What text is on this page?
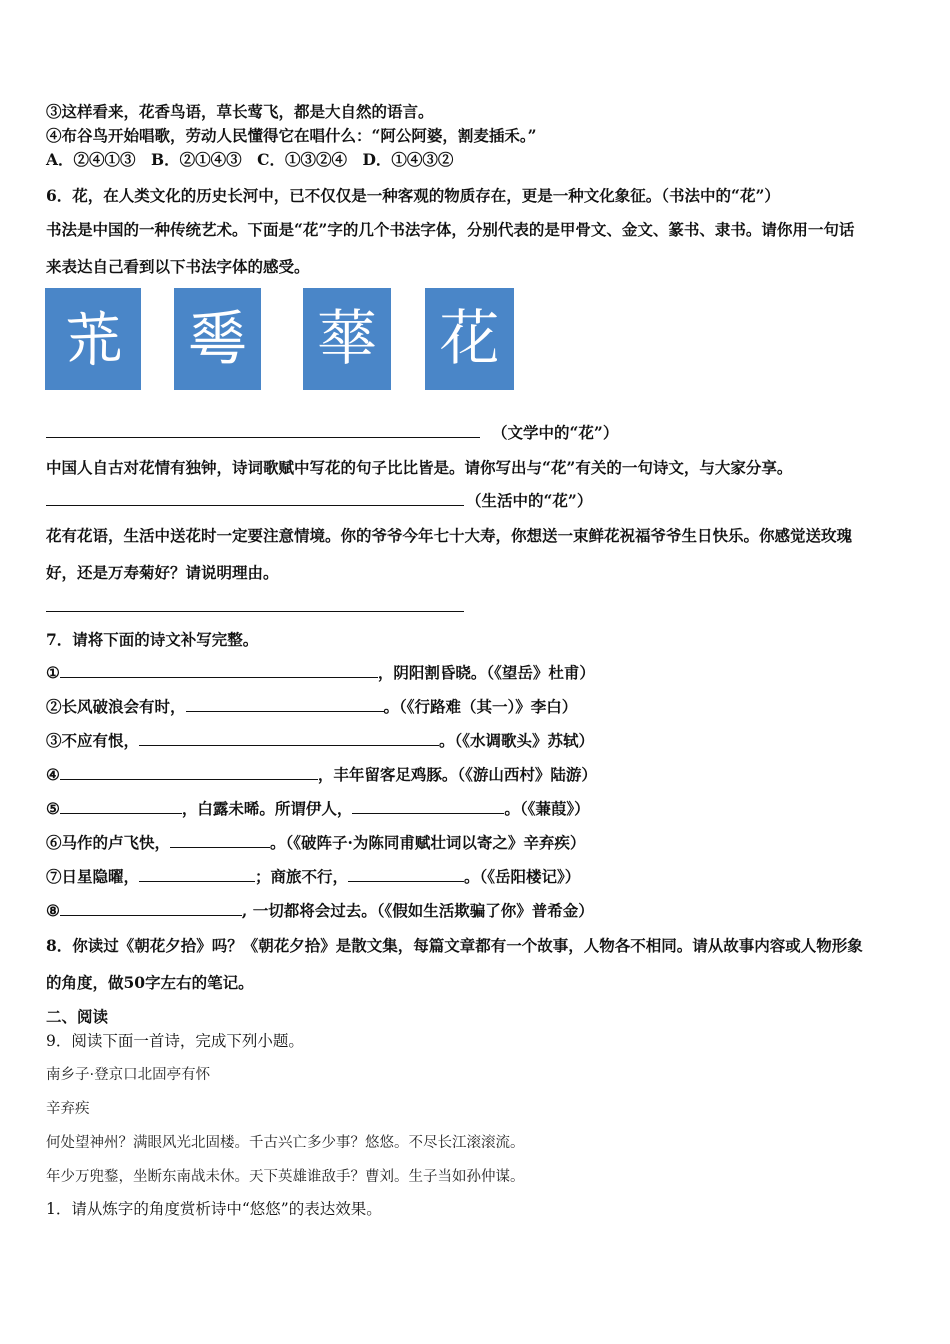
③这样看来，花香鸟语，草长莺飞，都是大自然的语言。
④布谷鸟开始唱歌，劳动人民懂得它在唱什么：“阿公阿婆，割麦插禾。”
A．②④①③　B．②①④③　C．①③②④　D．①④③②
6．花，在人类文化的历史长河中，已不仅仅是一种客观的物质存在，更是一种文化象征。（书法中的“花”）
书法是中国的一种传统艺术。下面是“花”字的几个书法字体，分别代表的是甲骨文、金文、篆书、隶书。请你用一句话
来表达自己看到以下书法字体的感受。
𦬸 𠌶 蕐 花
（文学中的“花”）
中国人自古对花情有独钟，诗词歌赋中写花的句子比比皆是。请你写出与“花”有关的一句诗文，与大家分享。
（生活中的“花”）
花有花语，生活中送花时一定要注意情境。你的爷爷今年七十大寿，你想送一束鲜花祝福爷爷生日快乐。你感觉送玫瑰
好，还是万寿菊好？请说明理由。
7．请将下面的诗文补写完整。
①	，阴阳割昏晓。（《望岳》杜甫）
②长风破浪会有时，	。（《行路难（其一）》李白）
③不应有恨，	。（《水调歌头》苏轼）
④	，丰年留客足鸡豚。（《游山西村》陆游）
⑤	，白露未晞。所谓伊人，	。（《蒹葭》）
⑥马作的卢飞快，	。（《破阵子·为陈同甫赋壮词以寄之》辛弃疾）
⑦日星隐曜，	；商旅不行，	。（《岳阳楼记》）
⑧	, 一切都将会过去。（《假如生活欺骗了你》普希金）
8．你读过《朝花夕拾》吗？《朝花夕拾》是散文集，每篇文章都有一个故事，人物各不相同。请从故事内容或人物形象
的角度，做50字左右的笔记。
二、阅读
9．阅读下面一首诗，完成下列小题。
南乡子·登京口北固亭有怀
辛弃疾
何处望神州？满眼风光北固楼。千古兴亡多少事？悠悠。不尽长江滚滚流。
年少万兜鍪，坐断东南战未休。天下英雄谁敌手？曹刘。生子当如孙仲谋。
1．请从炼字的角度赏析诗中“悠悠”的表达效果。
